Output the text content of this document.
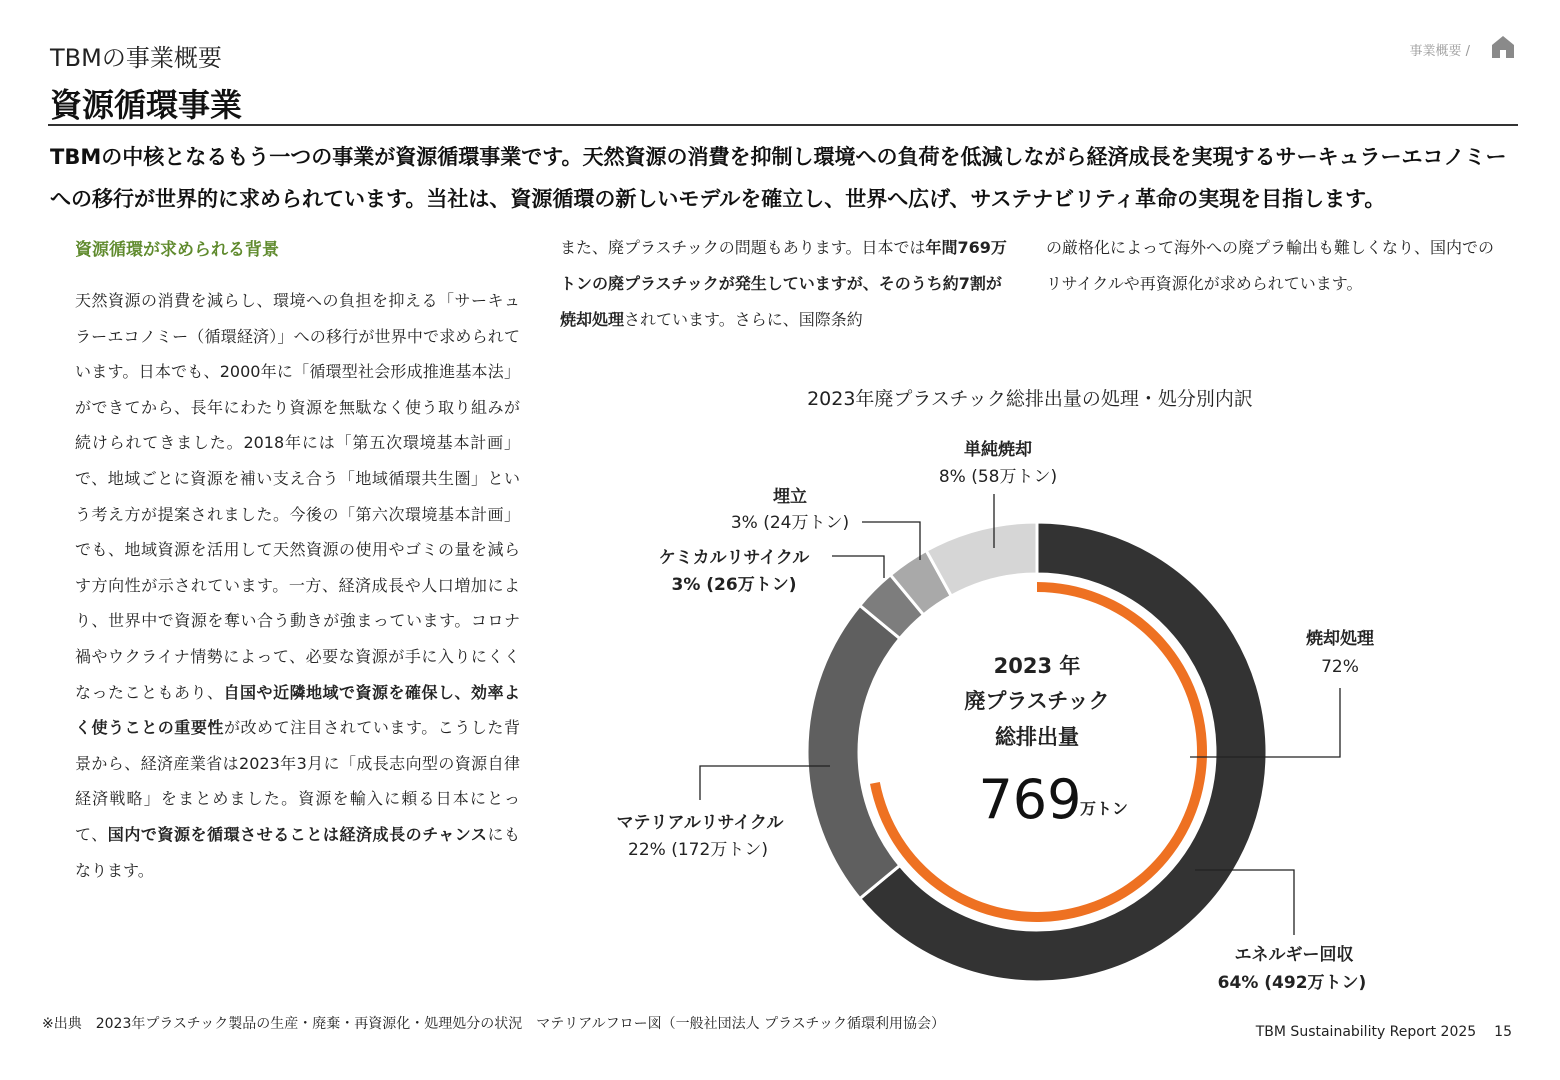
TBMの事業概要
資源循環事業
事業概要 /
TBMの中核となるもう一つの事業が資源循環事業です。天然資源の消費を抑制し環境への負荷を低減しながら経済成長を実現するサーキュラーエコノミーへの移行が世界的に求められています。当社は、資源循環の新しいモデルを確立し、世界へ広げ、サステナビリティ革命の実現を目指します。
資源循環が求められる背景
天然資源の消費を減らし、環境への負担を抑える「サーキュラーエコノミー（循環経済）」への移行が世界中で求められています。日本でも、2000年に「循環型社会形成推進基本法」ができてから、長年にわたり資源を無駄なく使う取り組みが続けられてきました。2018年には「第五次環境基本計画」で、地域ごとに資源を補い支え合う「地域循環共生圏」という考え方が提案されました。今後の「第六次環境基本計画」でも、地域資源を活用して天然資源の使用やゴミの量を減らす方向性が示されています。一方、経済成長や人口増加により、世界中で資源を奪い合う動きが強まっています。コロナ禍やウクライナ情勢によって、必要な資源が手に入りにくくなったこともあり、自国や近隣地域で資源を確保し、効率よく使うことの重要性が改めて注目されています。こうした背景から、経済産業省は2023年3月に「成長志向型の資源自律経済戦略」をまとめました。資源を輸入に頼る日本にとって、国内で資源を循環させることは経済成長のチャンスにもなります。
また、廃プラスチックの問題もあります。日本では年間769万トンの廃プラスチックが発生していますが、そのうち約7割が焼却処理されています。さらに、国際条約
の厳格化によって海外への廃プラ輸出も難しくなり、国内でのリサイクルや再資源化が求められています。
2023年廃プラスチック総排出量の処理・処分別内訳
2023 年
廃プラスチック
総排出量
769
万トン
焼却処理
72%
エネルギー回収
64% (492万トン)
マテリアルリサイクル
22% (172万トン)
ケミカルリサイクル
3% (26万トン)
埋立
3% (24万トン)
単純焼却
8% (58万トン)
※出典　2023年プラスチック製品の生産・廃棄・再資源化・処理処分の状況　マテリアルフロー図（一般社団法人 プラスチック循環利用協会）	TBM Sustainability Report 2025 15
